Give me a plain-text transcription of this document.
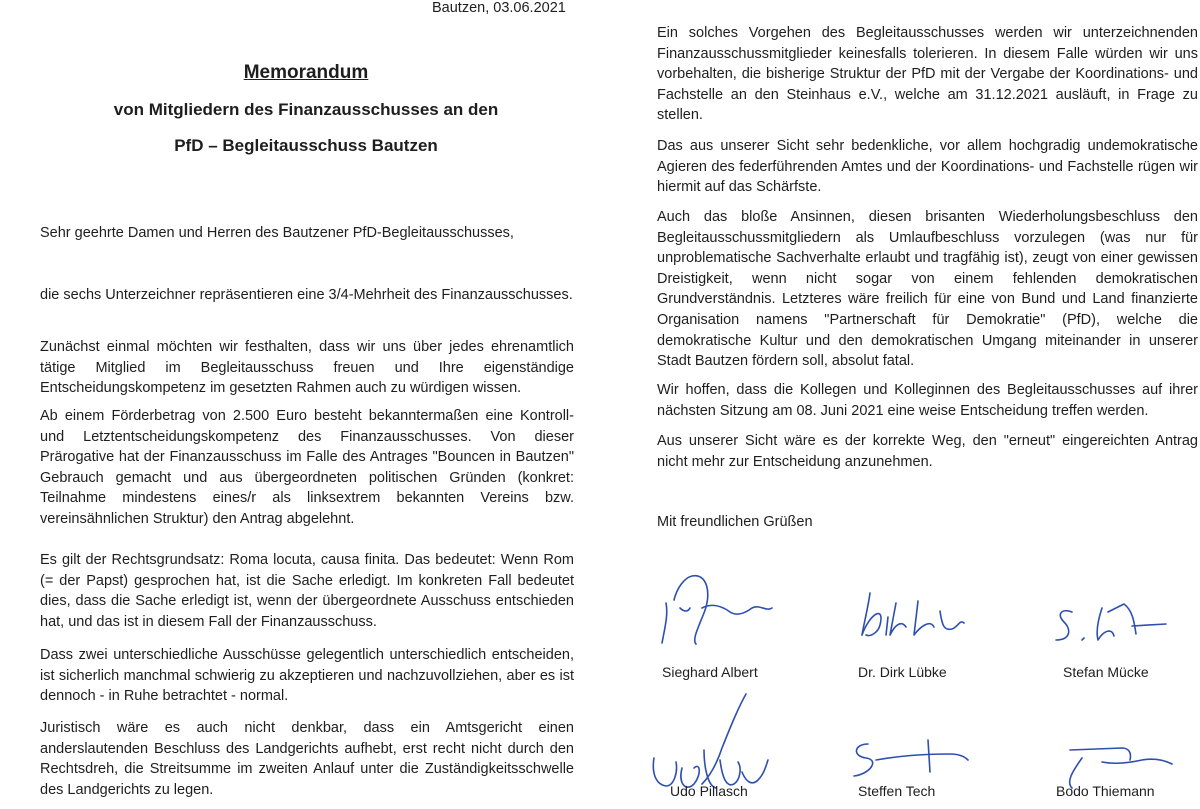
Bautzen, 03.06.2021
Memorandum
von Mitgliedern des Finanzausschusses an den
PfD – Begleitausschuss Bautzen
Sehr geehrte Damen und Herren des Bautzener PfD-Begleitausschusses,
die sechs Unterzeichner repräsentieren eine 3/4-Mehrheit des Finanzausschusses.
Zunächst einmal möchten wir festhalten, dass wir uns über jedes ehrenamtlich tätige Mitglied im Begleitausschuss freuen und Ihre eigenständige Entscheidungskompetenz im gesetzten Rahmen auch zu würdigen wissen.
Ab einem Förderbetrag von 2.500 Euro besteht bekanntermaßen eine Kontroll- und Letztentscheidungskompetenz des Finanzausschusses. Von dieser Prärogative hat der Finanzausschuss im Falle des Antrages "Bouncen in Bautzen" Gebrauch gemacht und aus übergeordneten politischen Gründen (konkret: Teilnahme mindestens eines/r als linksextrem bekannten Vereins bzw. vereinsähnlichen Struktur) den Antrag abgelehnt.
Es gilt der Rechtsgrundsatz: Roma locuta, causa finita. Das bedeutet: Wenn Rom (= der Papst) gesprochen hat, ist die Sache erledigt. Im konkreten Fall bedeutet dies, dass die Sache erledigt ist, wenn der übergeordnete Ausschuss entschieden hat, und das ist in diesem Fall der Finanzausschuss.
Dass zwei unterschiedliche Ausschüsse gelegentlich unterschiedlich entscheiden, ist sicherlich manchmal schwierig zu akzeptieren und nachzuvollziehen, aber es ist dennoch - in Ruhe betrachtet - normal.
Juristisch wäre es auch nicht denkbar, dass ein Amtsgericht einen anderslautenden Beschluss des Landgerichts aufhebt, erst recht nicht durch den Rechtsdreh, die Streitsumme im zweiten Anlauf unter die Zuständigkeitsschwelle des Landgerichts zu legen.
Ein solches Vorgehen des Begleitausschusses werden wir unterzeichnenden Finanzausschussmitglieder keinesfalls tolerieren. In diesem Falle würden wir uns vorbehalten, die bisherige Struktur der PfD mit der Vergabe der Koordinations- und Fachstelle an den Steinhaus e.V., welche am 31.12.2021 ausläuft, in Frage zu stellen.
Das aus unserer Sicht sehr bedenkliche, vor allem hochgradig undemokratische Agieren des federführenden Amtes und der Koordinations- und Fachstelle rügen wir hiermit auf das Schärfste.
Auch das bloße Ansinnen, diesen brisanten Wiederholungsbeschluss den Begleitausschussmitgliedern als Umlaufbeschluss vorzulegen (was nur für unproblematische Sachverhalte erlaubt und tragfähig ist), zeugt von einer gewissen Dreistigkeit, wenn nicht sogar von einem fehlenden demokratischen Grundverständnis. Letzteres wäre freilich für eine von Bund und Land finanzierte Organisation namens "Partnerschaft für Demokratie" (PfD), welche die demokratische Kultur und den demokratischen Umgang miteinander in unserer Stadt Bautzen fördern soll, absolut fatal.
Wir hoffen, dass die Kollegen und Kolleginnen des Begleitausschusses auf ihrer nächsten Sitzung am 08. Juni 2021 eine weise Entscheidung treffen werden.
Aus unserer Sicht wäre es der korrekte Weg, den "erneut" eingereichten Antrag nicht mehr zur Entscheidung anzunehmen.
Mit freundlichen Grüßen
Sieghard Albert	Dr. Dirk Lübke	Stefan Mücke
Udo Pillasch	Steffen Tech	Bodo Thiemann
